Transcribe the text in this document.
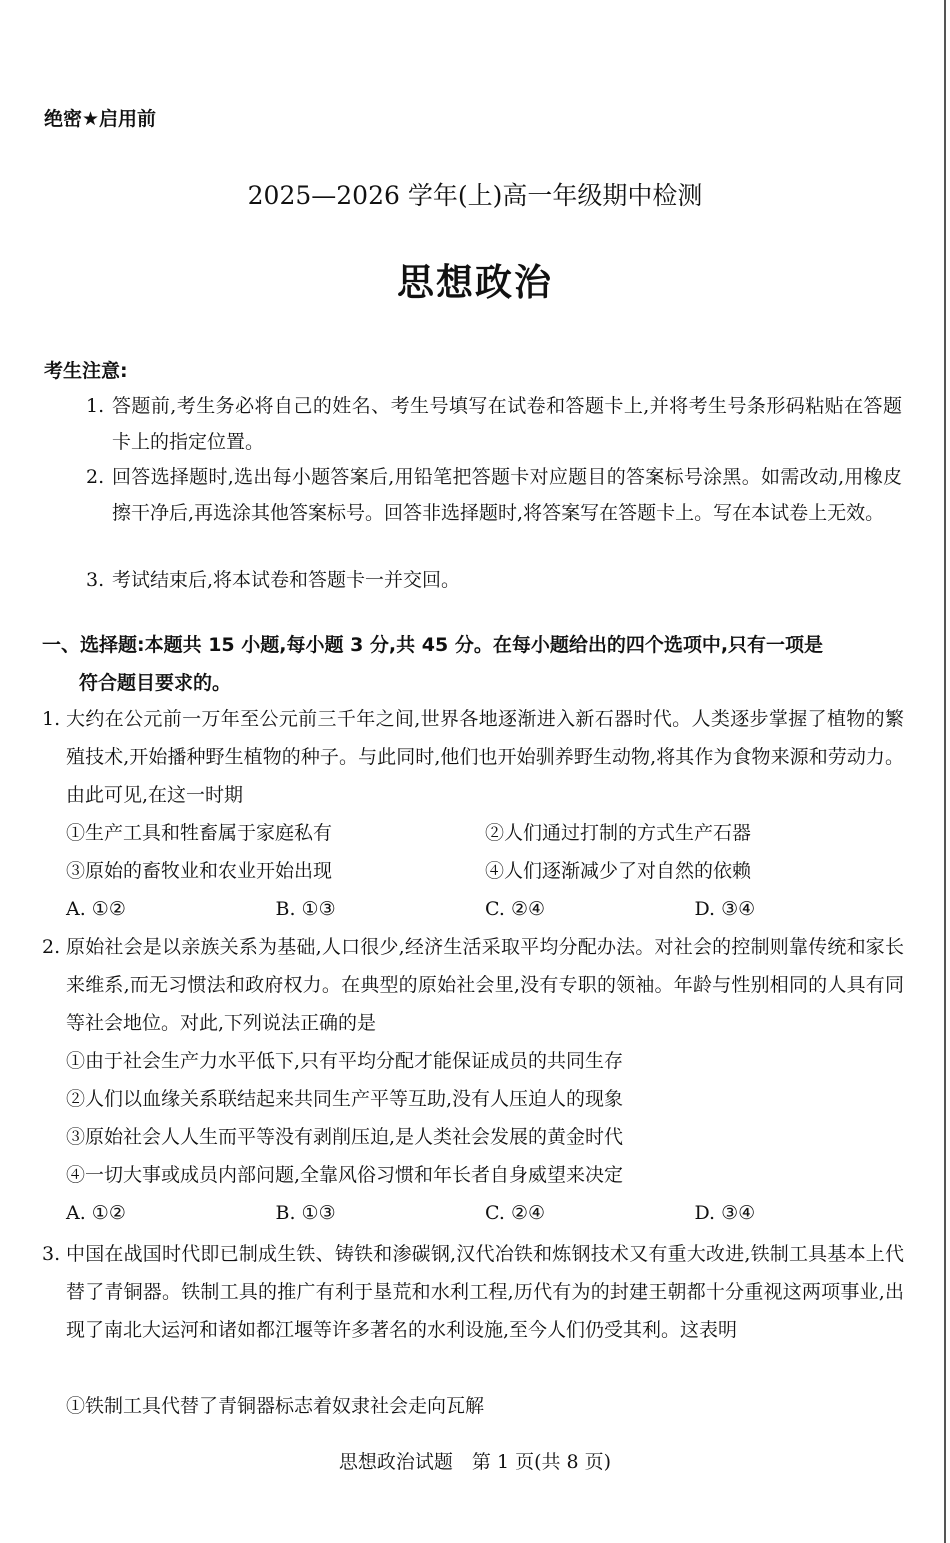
绝密★启用前
2025—2026 学年(上)高一年级期中检测
思想政治
考生注意:
1. 答题前,考生务必将自己的姓名、考生号填写在试卷和答题卡上,并将考生号条形码粘贴在答题卡上的指定位置。
2. 回答选择题时,选出每小题答案后,用铅笔把答题卡对应题目的答案标号涂黑。如需改动,用橡皮擦干净后,再选涂其他答案标号。回答非选择题时,将答案写在答题卡上。写在本试卷上无效。
3. 考试结束后,将本试卷和答题卡一并交回。
一、选择题:本题共 15 小题,每小题 3 分,共 45 分。在每小题给出的四个选项中,只有一项是
符合题目要求的。
1. 大约在公元前一万年至公元前三千年之间,世界各地逐渐进入新石器时代。人类逐步掌握了植物的繁殖技术,开始播种野生植物的种子。与此同时,他们也开始驯养野生动物,将其作为食物来源和劳动力。由此可见,在这一时期
①生产工具和牲畜属于家庭私有	②人们通过打制的方式生产石器
③原始的畜牧业和农业开始出现	④人们逐渐减少了对自然的依赖
A. ①②	B. ①③	C. ②④	D. ③④
2. 原始社会是以亲族关系为基础,人口很少,经济生活采取平均分配办法。对社会的控制则靠传统和家长来维系,而无习惯法和政府权力。在典型的原始社会里,没有专职的领袖。年龄与性别相同的人具有同等社会地位。对此,下列说法正确的是
①由于社会生产力水平低下,只有平均分配才能保证成员的共同生存
②人们以血缘关系联结起来共同生产平等互助,没有人压迫人的现象
③原始社会人人生而平等没有剥削压迫,是人类社会发展的黄金时代
④一切大事或成员内部问题,全靠风俗习惯和年长者自身威望来决定
A. ①②	B. ①③	C. ②④	D. ③④
3. 中国在战国时代即已制成生铁、铸铁和渗碳钢,汉代冶铁和炼钢技术又有重大改进,铁制工具基本上代替了青铜器。铁制工具的推广有利于垦荒和水利工程,历代有为的封建王朝都十分重视这两项事业,出现了南北大运河和诸如都江堰等许多著名的水利设施,至今人们仍受其利。这表明
①铁制工具代替了青铜器标志着奴隶社会走向瓦解
思想政治试题　第 1 页(共 8 页)
